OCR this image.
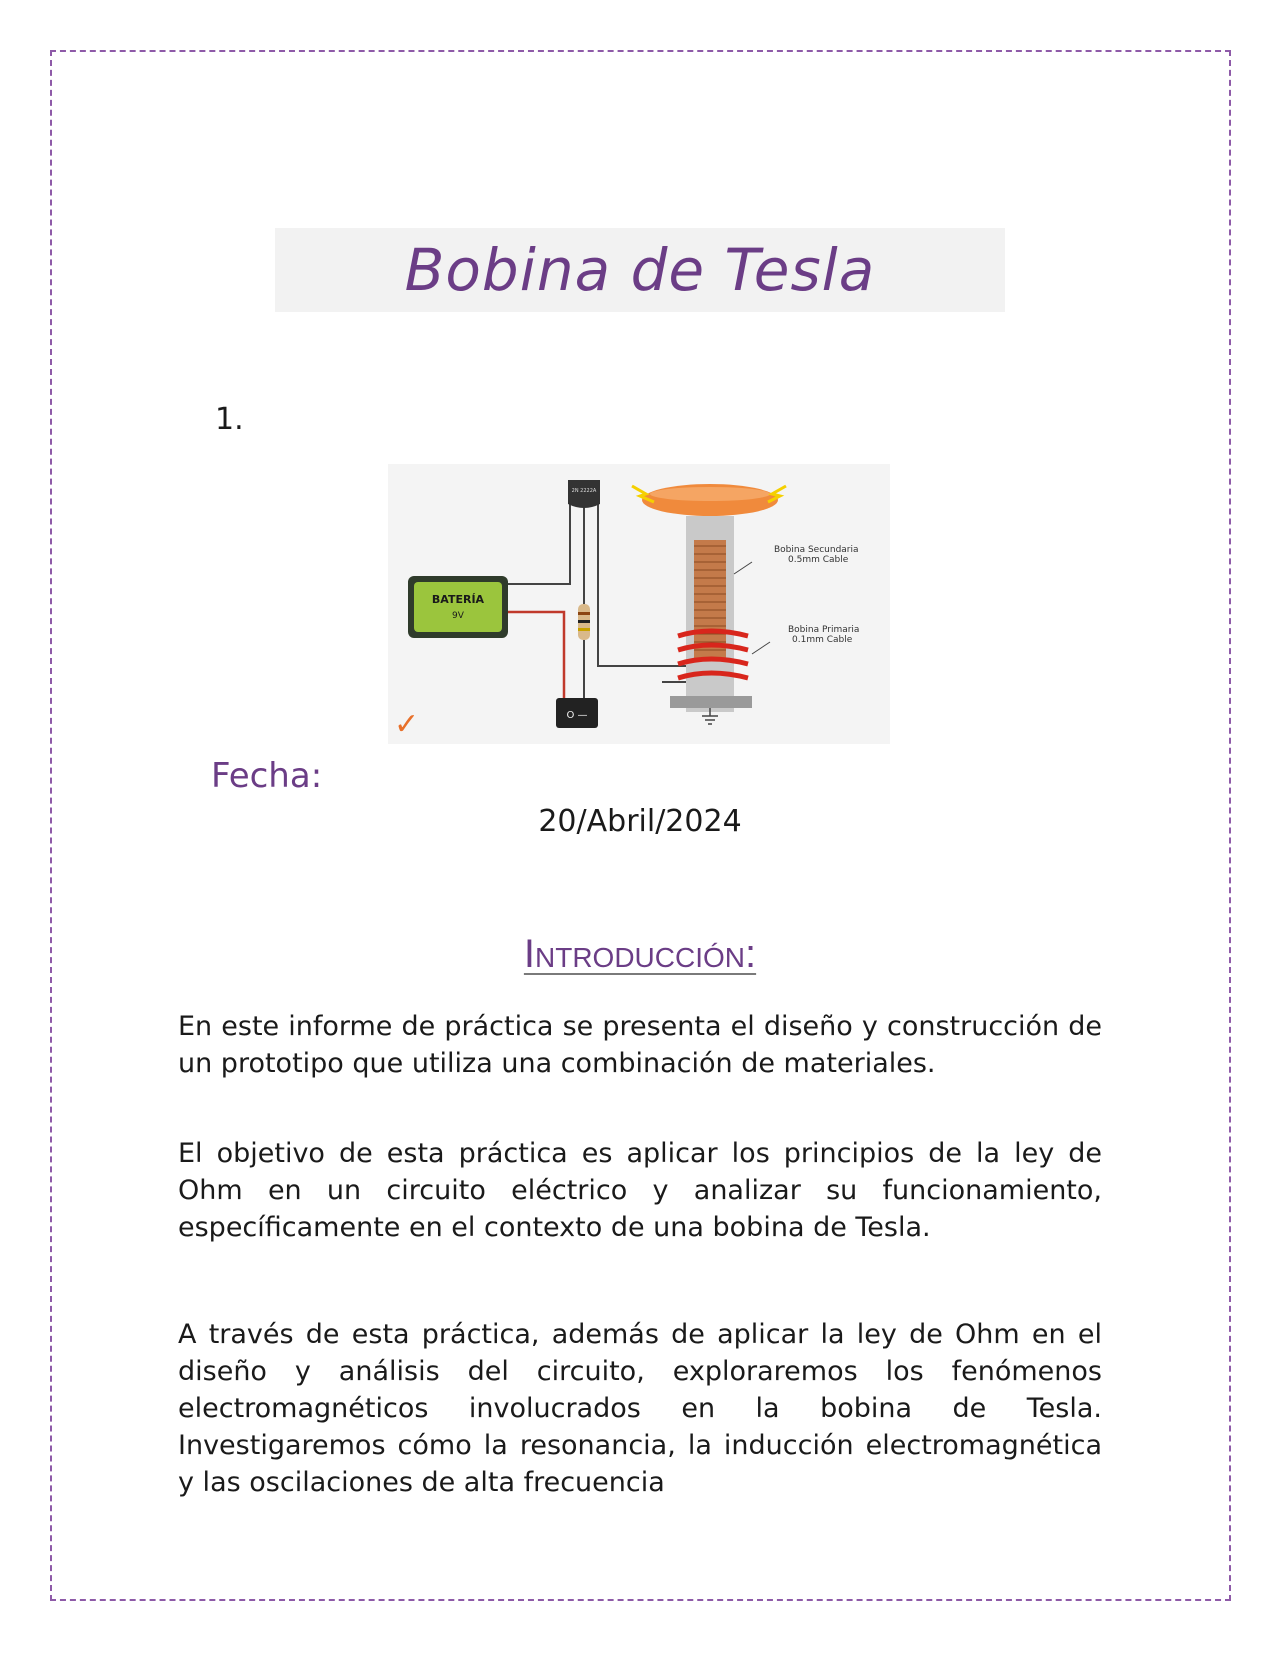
Bobina de Tesla
1.
BATERÍA
9V
2N 2222A
O —
Bobina Secundaria
0.5mm Cable
Bobina Primaria
0.1mm Cable
✓
Fecha:
20/Abril/2024
Introducción:

En este informe de práctica se presenta el diseño y construcción de un prototipo que utiliza una combinación de materiales.

El objetivo de esta práctica es aplicar los principios de la ley de Ohm en un circuito eléctrico y analizar su funcionamiento, específicamente en el contexto de una bobina de Tesla.

A través de esta práctica, además de aplicar la ley de Ohm en el diseño y análisis del circuito, exploraremos los fenómenos electromagnéticos involucrados en la bobina de Tesla. Investigaremos cómo la resonancia, la inducción electromagnética y las oscilaciones de alta frecuencia
